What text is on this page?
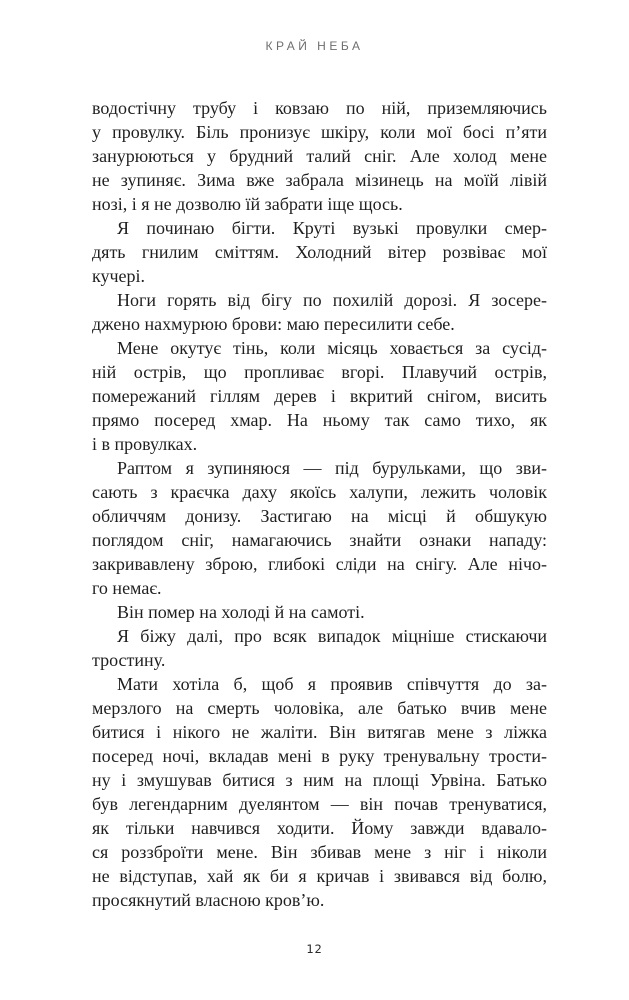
КРАЙ НЕБА
водостічну трубу і ковзаю по ній, приземляючись
у провулку. Біль пронизує шкіру, коли мої босі п’яти
занурюються у брудний талий сніг. Але холод мене
не зупиняє. Зима вже забрала мізинець на моїй лівій
нозі, і я не дозволю їй забрати іще щось.
Я починаю бігти. Круті вузькі провулки смер-
дять гнилим сміттям. Холодний вітер розвіває мої
кучері.
Ноги горять від бігу по похилій дорозі. Я зосере-
джено нахмурюю брови: маю пересилити себе.
Мене окутує тінь, коли місяць ховається за сусід-
ній острів, що пропливає вгорі. Плавучий острів,
помережаний гіллям дерев і вкритий снігом, висить
прямо посеред хмар. На ньому так само тихо, як
і в провулках.
Раптом я зупиняюся — під бурульками, що зви-
сають з краєчка даху якоїсь халупи, лежить чоловік
обличчям донизу. Застигаю на місці й обшукую
поглядом сніг, намагаючись знайти ознаки нападу:
закривавлену зброю, глибокі сліди на снігу. Але нічо-
го немає.
Він помер на холоді й на самоті.
Я біжу далі, про всяк випадок міцніше стискаючи
тростину.
Мати хотіла б, щоб я проявив співчуття до за-
мерзлого на смерть чоловіка, але батько вчив мене
битися і нікого не жаліти. Він витягав мене з ліжка
посеред ночі, вкладав мені в руку тренувальну трости-
ну і змушував битися з ним на площі Урвіна. Батько
був легендарним дуелянтом — він почав тренуватися,
як тільки навчився ходити. Йому завжди вдавало-
ся роззброїти мене. Він збивав мене з ніг і ніколи
не відступав, хай як би я кричав і звивався від болю,
просякнутий власною кров’ю.
12
